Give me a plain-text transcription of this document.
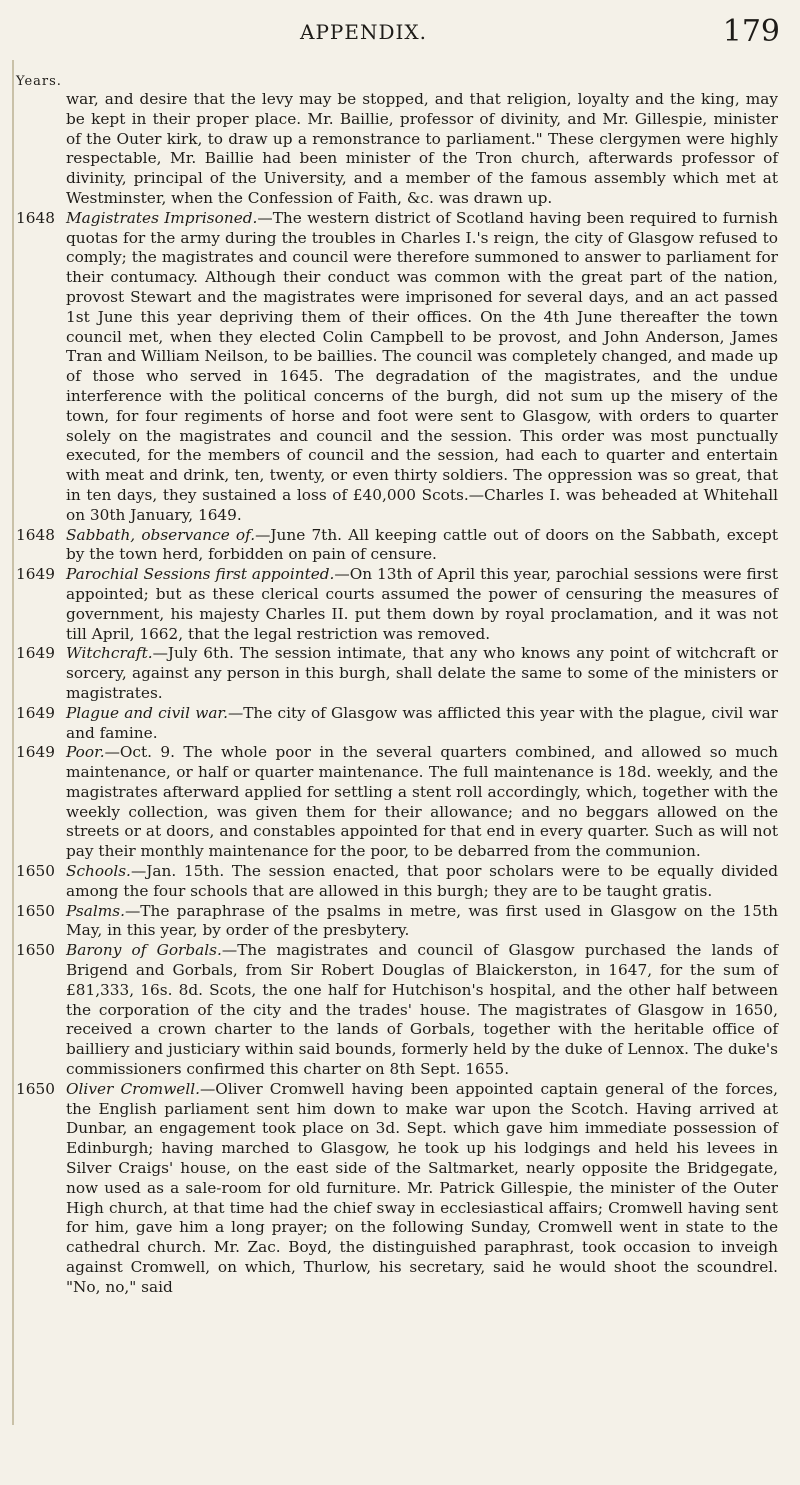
APPENDIX.	179
Years.
war, and desire that the levy may be stopped, and that religion, loyalty and the king, may be kept in their proper place. Mr. Baillie, professor of divinity, and Mr. Gillespie, minister of the Outer kirk, to draw up a remonstrance to parliament." These clergymen were highly respectable, Mr. Baillie had been minister of the Tron church, afterwards professor of divinity, principal of the University, and a member of the famous assembly which met at Westminster, when the Confession of Faith, &c. was drawn up.
1648 Magistrates Imprisoned.—The western district of Scotland having been required to furnish quotas for the army during the troubles in Charles I.'s reign, the city of Glasgow refused to comply; the magistrates and council were therefore summoned to answer to parliament for their contumacy. Although their conduct was common with the great part of the nation, provost Stewart and the magistrates were imprisoned for several days, and an act passed 1st June this year depriving them of their offices. On the 4th June thereafter the town council met, when they elected Colin Campbell to be provost, and John Anderson, James Tran and William Neilson, to be baillies. The council was completely changed, and made up of those who served in 1645. The degradation of the magistrates, and the undue interference with the political concerns of the burgh, did not sum up the misery of the town, for four regiments of horse and foot were sent to Glasgow, with orders to quarter solely on the magistrates and council and the session. This order was most punctually executed, for the members of council and the session, had each to quarter and entertain with meat and drink, ten, twenty, or even thirty soldiers. The oppression was so great, that in ten days, they sustained a loss of £40,000 Scots.—Charles I. was beheaded at Whitehall on 30th January, 1649.
1648 Sabbath, observance of.—June 7th. All keeping cattle out of doors on the Sabbath, except by the town herd, forbidden on pain of censure.
1649 Parochial Sessions first appointed.—On 13th of April this year, parochial sessions were first appointed; but as these clerical courts assumed the power of censuring the measures of government, his majesty Charles II. put them down by royal proclamation, and it was not till April, 1662, that the legal restriction was removed.
1649 Witchcraft.—July 6th. The session intimate, that any who knows any point of witchcraft or sorcery, against any person in this burgh, shall delate the same to some of the ministers or magistrates.
1649 Plague and civil war.—The city of Glasgow was afflicted this year with the plague, civil war and famine.
1649 Poor.—Oct. 9. The whole poor in the several quarters combined, and allowed so much maintenance, or half or quarter maintenance. The full maintenance is 18d. weekly, and the magistrates afterward applied for settling a stent roll accordingly, which, together with the weekly collection, was given them for their allowance; and no beggars allowed on the streets or at doors, and constables appointed for that end in every quarter. Such as will not pay their monthly maintenance for the poor, to be debarred from the communion.
1650 Schools.—Jan. 15th. The session enacted, that poor scholars were to be equally divided among the four schools that are allowed in this burgh; they are to be taught gratis.
1650 Psalms.—The paraphrase of the psalms in metre, was first used in Glasgow on the 15th May, in this year, by order of the presbytery.
1650 Barony of Gorbals.—The magistrates and council of Glasgow purchased the lands of Brigend and Gorbals, from Sir Robert Douglas of Blaickerston, in 1647, for the sum of £81,333, 16s. 8d. Scots, the one half for Hutchison's hospital, and the other half between the corporation of the city and the trades' house. The magistrates of Glasgow in 1650, received a crown charter to the lands of Gorbals, together with the heritable office of bailliery and justiciary within said bounds, formerly held by the duke of Lennox. The duke's commissioners confirmed this charter on 8th Sept. 1655.
1650 Oliver Cromwell.—Oliver Cromwell having been appointed captain general of the forces, the English parliament sent him down to make war upon the Scotch. Having arrived at Dunbar, an engagement took place on 3d. Sept. which gave him immediate possession of Edinburgh; having marched to Glasgow, he took up his lodgings and held his levees in Silver Craigs' house, on the east side of the Saltmarket, nearly opposite the Bridgegate, now used as a sale-room for old furniture. Mr. Patrick Gillespie, the minister of the Outer High church, at that time had the chief sway in ecclesiastical affairs; Cromwell having sent for him, gave him a long prayer; on the following Sunday, Cromwell went in state to the cathedral church. Mr. Zac. Boyd, the distinguished paraphrast, took occasion to inveigh against Cromwell, on which, Thurlow, his secretary, said he would shoot the scoundrel. "No, no," said
